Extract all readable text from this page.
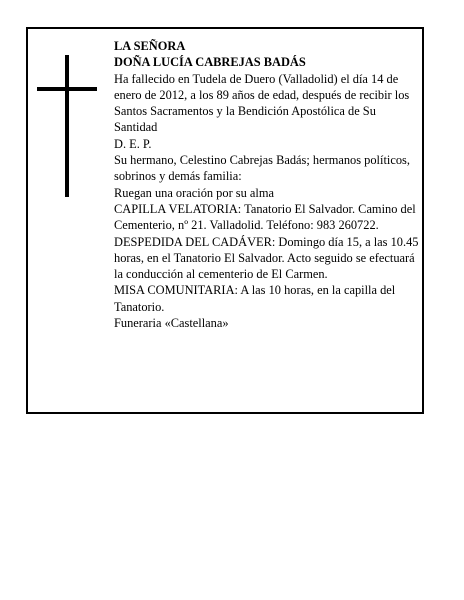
LA SEÑORA

DOÑA LUCÍA CABREJAS BADÁS

Ha fallecido en Tudela de Duero (Valladolid) el día 14 de enero de 2012, a los 89 años de edad, después de recibir los Santos Sacramentos y la Bendición Apostólica de Su Santidad

D. E. P.

Su hermano, Celestino Cabrejas Badás; hermanos políticos, sobrinos y demás familia:

Ruegan una oración por su alma

CAPILLA VELATORIA: Tanatorio El Salvador. Camino del Cementerio, nº 21. Valladolid. Teléfono: 983 260722.

DESPEDIDA DEL CADÁVER: Domingo día 15, a las 10.45 horas, en el Tanatorio El Salvador. Acto seguido se efectuará la conducción al cementerio de El Carmen.

MISA COMUNITARIA: A las 10 horas, en la capilla del Tanatorio.

Funeraria «Castellana»
